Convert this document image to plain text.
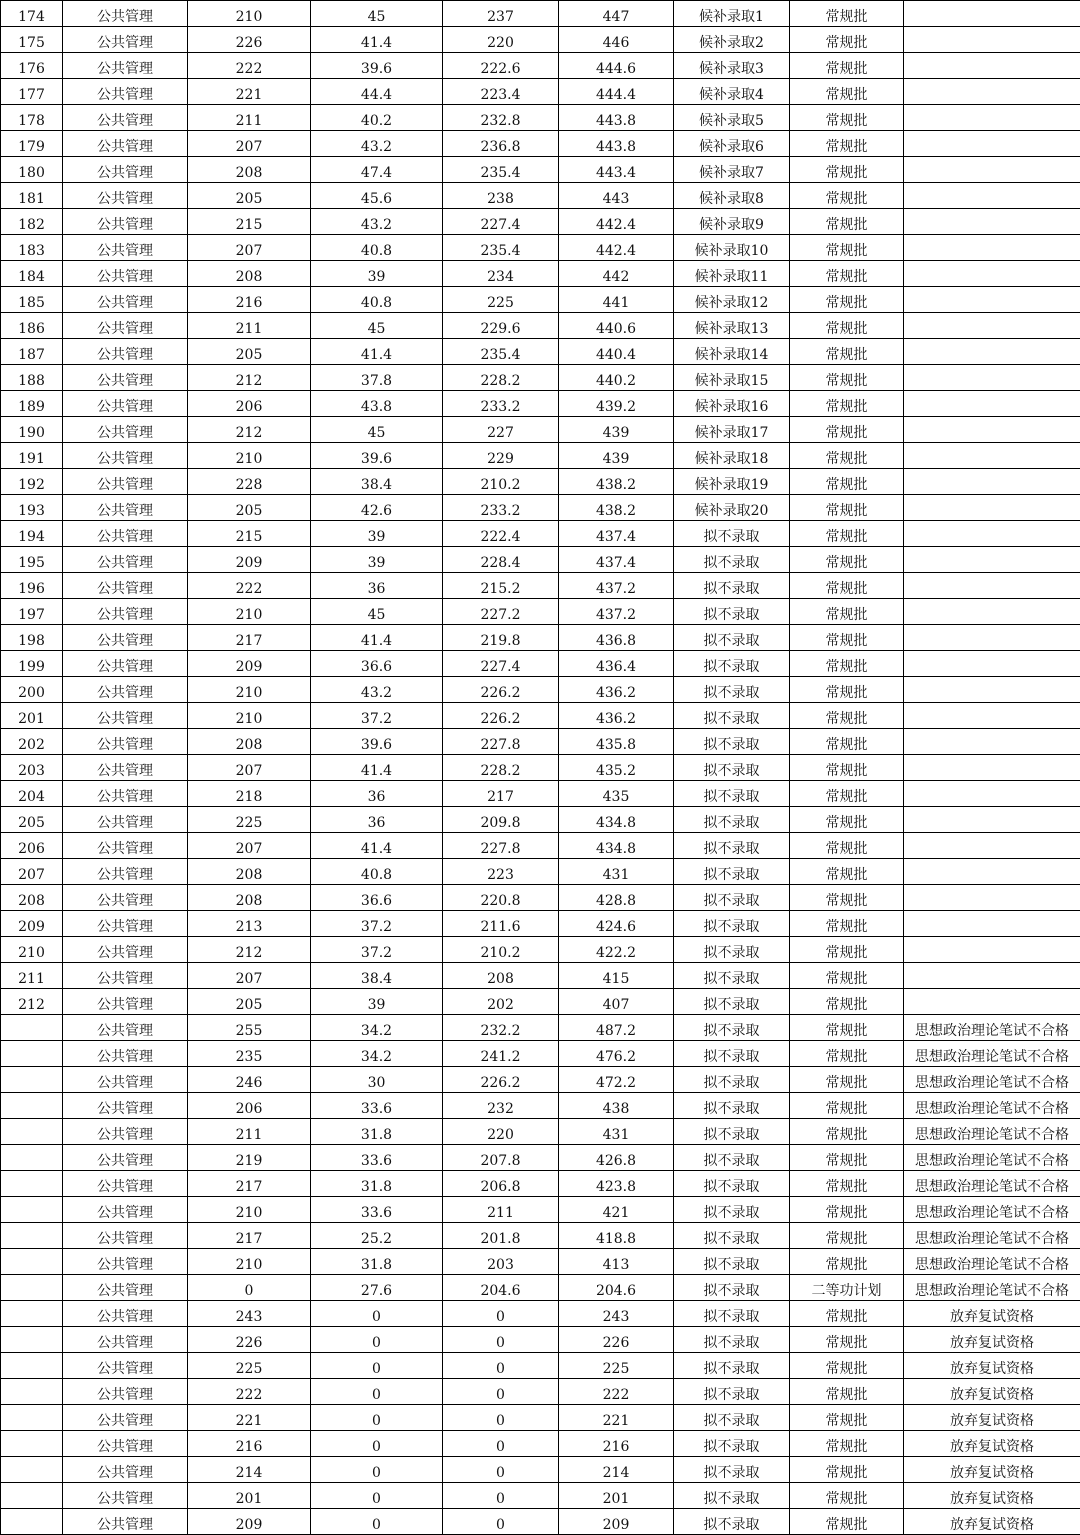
174	公共管理	210	45	237	447	候补录取1	常规批	
175	公共管理	226	41.4	220	446	候补录取2	常规批	
176	公共管理	222	39.6	222.6	444.6	候补录取3	常规批	
177	公共管理	221	44.4	223.4	444.4	候补录取4	常规批	
178	公共管理	211	40.2	232.8	443.8	候补录取5	常规批	
179	公共管理	207	43.2	236.8	443.8	候补录取6	常规批	
180	公共管理	208	47.4	235.4	443.4	候补录取7	常规批	
181	公共管理	205	45.6	238	443	候补录取8	常规批	
182	公共管理	215	43.2	227.4	442.4	候补录取9	常规批	
183	公共管理	207	40.8	235.4	442.4	候补录取10	常规批	
184	公共管理	208	39	234	442	候补录取11	常规批	
185	公共管理	216	40.8	225	441	候补录取12	常规批	
186	公共管理	211	45	229.6	440.6	候补录取13	常规批	
187	公共管理	205	41.4	235.4	440.4	候补录取14	常规批	
188	公共管理	212	37.8	228.2	440.2	候补录取15	常规批	
189	公共管理	206	43.8	233.2	439.2	候补录取16	常规批	
190	公共管理	212	45	227	439	候补录取17	常规批	
191	公共管理	210	39.6	229	439	候补录取18	常规批	
192	公共管理	228	38.4	210.2	438.2	候补录取19	常规批	
193	公共管理	205	42.6	233.2	438.2	候补录取20	常规批	
194	公共管理	215	39	222.4	437.4	拟不录取	常规批	
195	公共管理	209	39	228.4	437.4	拟不录取	常规批	
196	公共管理	222	36	215.2	437.2	拟不录取	常规批	
197	公共管理	210	45	227.2	437.2	拟不录取	常规批	
198	公共管理	217	41.4	219.8	436.8	拟不录取	常规批	
199	公共管理	209	36.6	227.4	436.4	拟不录取	常规批	
200	公共管理	210	43.2	226.2	436.2	拟不录取	常规批	
201	公共管理	210	37.2	226.2	436.2	拟不录取	常规批	
202	公共管理	208	39.6	227.8	435.8	拟不录取	常规批	
203	公共管理	207	41.4	228.2	435.2	拟不录取	常规批	
204	公共管理	218	36	217	435	拟不录取	常规批	
205	公共管理	225	36	209.8	434.8	拟不录取	常规批	
206	公共管理	207	41.4	227.8	434.8	拟不录取	常规批	
207	公共管理	208	40.8	223	431	拟不录取	常规批	
208	公共管理	208	36.6	220.8	428.8	拟不录取	常规批	
209	公共管理	213	37.2	211.6	424.6	拟不录取	常规批	
210	公共管理	212	37.2	210.2	422.2	拟不录取	常规批	
211	公共管理	207	38.4	208	415	拟不录取	常规批	
212	公共管理	205	39	202	407	拟不录取	常规批	
	公共管理	255	34.2	232.2	487.2	拟不录取	常规批	思想政治理论笔试不合格
	公共管理	235	34.2	241.2	476.2	拟不录取	常规批	思想政治理论笔试不合格
	公共管理	246	30	226.2	472.2	拟不录取	常规批	思想政治理论笔试不合格
	公共管理	206	33.6	232	438	拟不录取	常规批	思想政治理论笔试不合格
	公共管理	211	31.8	220	431	拟不录取	常规批	思想政治理论笔试不合格
	公共管理	219	33.6	207.8	426.8	拟不录取	常规批	思想政治理论笔试不合格
	公共管理	217	31.8	206.8	423.8	拟不录取	常规批	思想政治理论笔试不合格
	公共管理	210	33.6	211	421	拟不录取	常规批	思想政治理论笔试不合格
	公共管理	217	25.2	201.8	418.8	拟不录取	常规批	思想政治理论笔试不合格
	公共管理	210	31.8	203	413	拟不录取	常规批	思想政治理论笔试不合格
	公共管理	0	27.6	204.6	204.6	拟不录取	二等功计划	思想政治理论笔试不合格
	公共管理	243	0	0	243	拟不录取	常规批	放弃复试资格
	公共管理	226	0	0	226	拟不录取	常规批	放弃复试资格
	公共管理	225	0	0	225	拟不录取	常规批	放弃复试资格
	公共管理	222	0	0	222	拟不录取	常规批	放弃复试资格
	公共管理	221	0	0	221	拟不录取	常规批	放弃复试资格
	公共管理	216	0	0	216	拟不录取	常规批	放弃复试资格
	公共管理	214	0	0	214	拟不录取	常规批	放弃复试资格
	公共管理	201	0	0	201	拟不录取	常规批	放弃复试资格
	公共管理	209	0	0	209	拟不录取	常规批	放弃复试资格
